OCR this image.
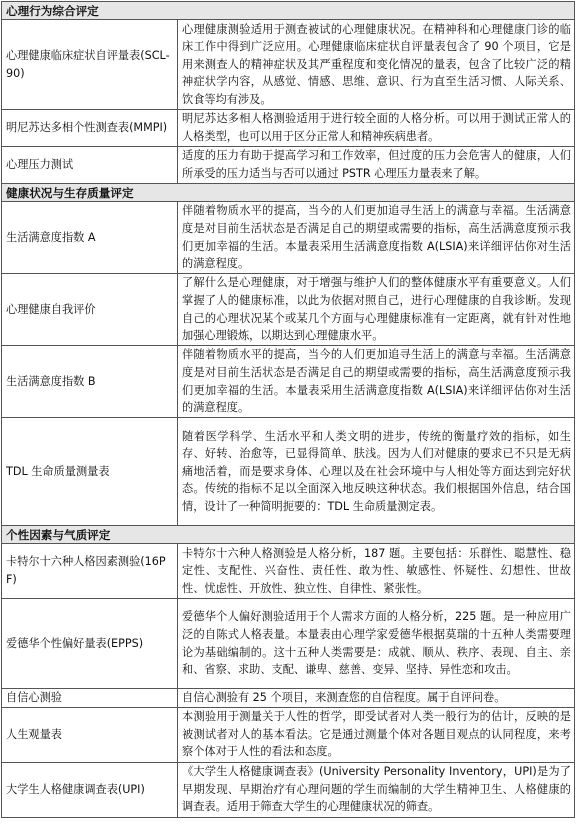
心理行为综合评定	
心理健康临床症状自评量表(SCL-90)	心理健康测验适用于测查被试的心理健康状况。在精神科和心理健康门诊的临床工作中得到广泛应用。心理健康临床症状自评量表包含了 90 个项目，它是用来测查人的精神症状及其严重程度和变化情况的量表，包含了比较广泛的精神症状学内容，从感觉、情感、思维、意识、行为直至生活习惯、人际关系、饮食等均有涉及。
明尼苏达多相个性测查表(MMPI)	明尼苏达多相人格测验适用于进行较全面的人格分析。可以用于测试正常人的人格类型，也可以用于区分正常人和精神疾病患者。
心理压力测试	适度的压力有助于提高学习和工作效率，但过度的压力会危害人的健康，人们所承受的压力适当与否可以通过 PSTR 心理压力量表来了解。
健康状况与生存质量评定	
生活满意度指数 A	伴随着物质水平的提高，当今的人们更加追寻生活上的满意与幸福。生活满意度是对目前生活状态是否满足自己的期望或需要的指标，高生活满意度预示我们更加幸福的生活。本量表采用生活满意度指数 A(LSIA)来详细评估你对生活的满意程度。
心理健康自我评价	了解什么是心理健康，对于增强与维护人们的整体健康水平有重要意义。人们掌握了人的健康标准，以此为依据对照自己，进行心理健康的自我诊断。发现自己的心理状况某个或某几个方面与心理健康标准有一定距离，就有针对性地加强心理锻炼，以期达到心理健康水平。
生活满意度指数 B	伴随着物质水平的提高，当今的人们更加追寻生活上的满意与幸福。生活满意度是对目前生活状态是否满足自己的期望或需要的指标，高生活满意度预示我们更加幸福的生活。本量表采用生活满意度指数 A(LSIA)来详细评估你对生活的满意程度。
TDL 生命质量测量表	随着医学科学、生活水平和人类文明的进步，传统的衡量疗效的指标，如生存、好转、治愈等，已显得简单、肤浅。因为人们对健康的要求已不只是无病痛地活着，而是要求身体、心理以及在社会环境中与人相处等方面达到完好状态。传统的指标不足以全面深入地反映这种状态。我们根据国外信息，结合国情，设计了一种简明扼要的：TDL 生命质量测定表。
个性因素与气质评定	
卡特尔十六种人格因素测验(16PF)	卡特尔十六种人格测验是人格分析，187 题。主要包括：乐群性、聪慧性、稳定性、支配性、兴奋性、责任性、敢为性、敏感性、怀疑性、幻想性、世故性、忧虑性、开放性、独立性、自律性、紧张性。
爱德华个性偏好量表(EPPS)	爱德华个人偏好测验适用于个人需求方面的人格分析，225 题。是一种应用广泛的自陈式人格表量。本量表由心理学家爱德华根据莫瑞的十五种人类需要理论为基础编制的。这十五种人类需要是：成就、顺从、秩序、表现、自主、亲和、省察、求助、支配、谦卑、慈善、变异、坚持、异性恋和攻击。
自信心测验	自信心测验有 25 个项目，来测查您的自信程度。属于自评问卷。
人生观量表	本测验用于测量关于人性的哲学，即受试者对人类一般行为的估计，反映的是被测试者对人的基本看法。它是通过测量个体对各题目观点的认同程度，来考察个体对于人性的看法和态度。
大学生人格健康调查表(UPI)	《大学生人格健康调查表》(University Personality Inventory，UPI)是为了早期发现、早期治疗有心理问题的学生而编制的大学生精神卫生、人格健康的调查表。适用于筛查大学生的心理健康状况的筛查。
